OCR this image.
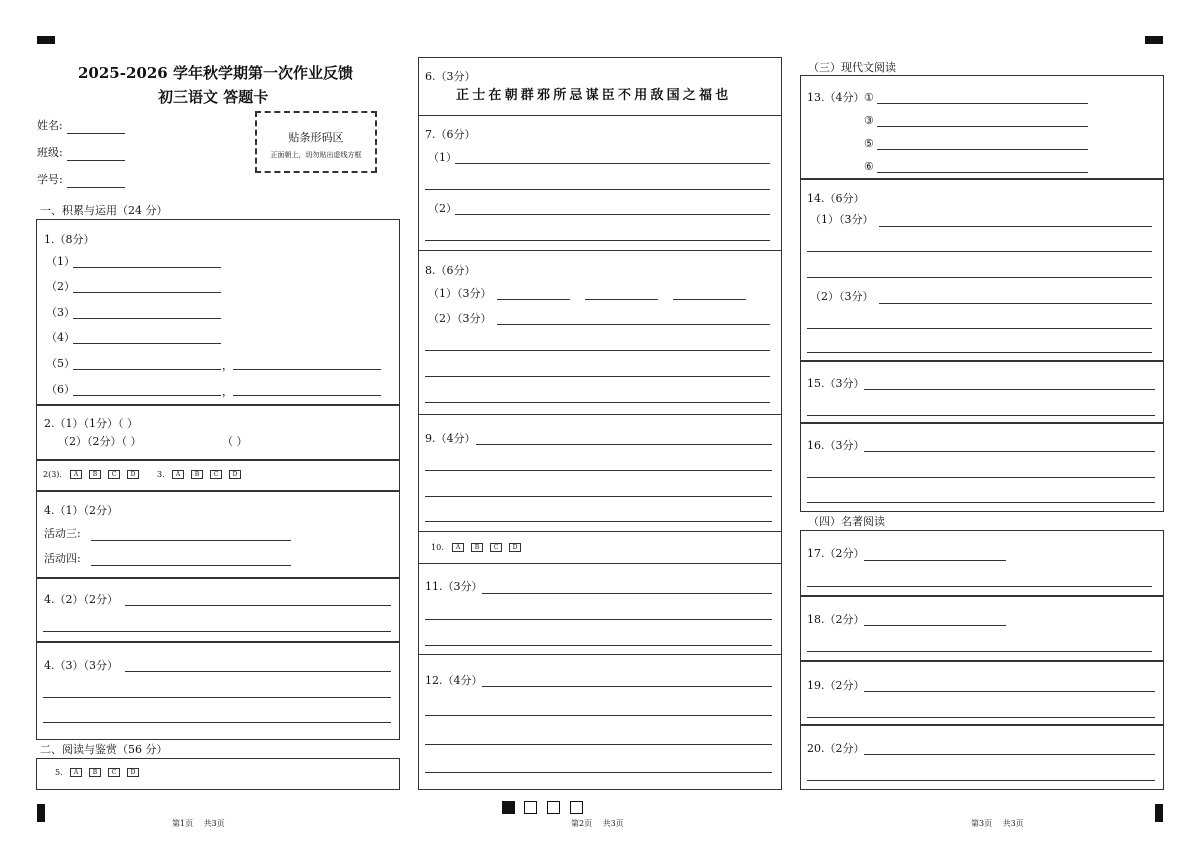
2025-2026 学年秋学期第一次作业反馈
初三语文 答题卡
姓名:
班级:
学号:
贴条形码区
正面朝上，切勿贴出虚线方框
一、积累与运用（24 分）
1.（8分）
（1）
（2）
（3）
（4）
（5）	，
（6）	，
2.（1）（1分）（ ）
（2）（2分）（ ）	（ ）
2(3).	A	B	C	D	3.	A	B	C	D
4.（1）（2分）
活动三:
活动四:
4.（2）（2分）
4.（3）（3分）
二、阅读与鉴赏（56 分）
5.	A	B	C	D
第1页　 共3页
6.（3分）
正士在朝群邪所忌谋臣不用敌国之福也
7.（6分）
（1）
（2）
8.（6分）
（1）（3分）
（2）（3分）
9.（4分）
10.	A	B	C	D
11.（3分）
12.（4分）
第2页　 共3页
（三）现代文阅读
13.（4分） ①
③
⑤
⑥
14.（6分）
（1）（3分）
（2）（3分）
15.（3分）
16.（3分）
（四）名著阅读
17.（2分）
18.（2分）
19.（2分）
20.（2分）
第3页　 共3页
